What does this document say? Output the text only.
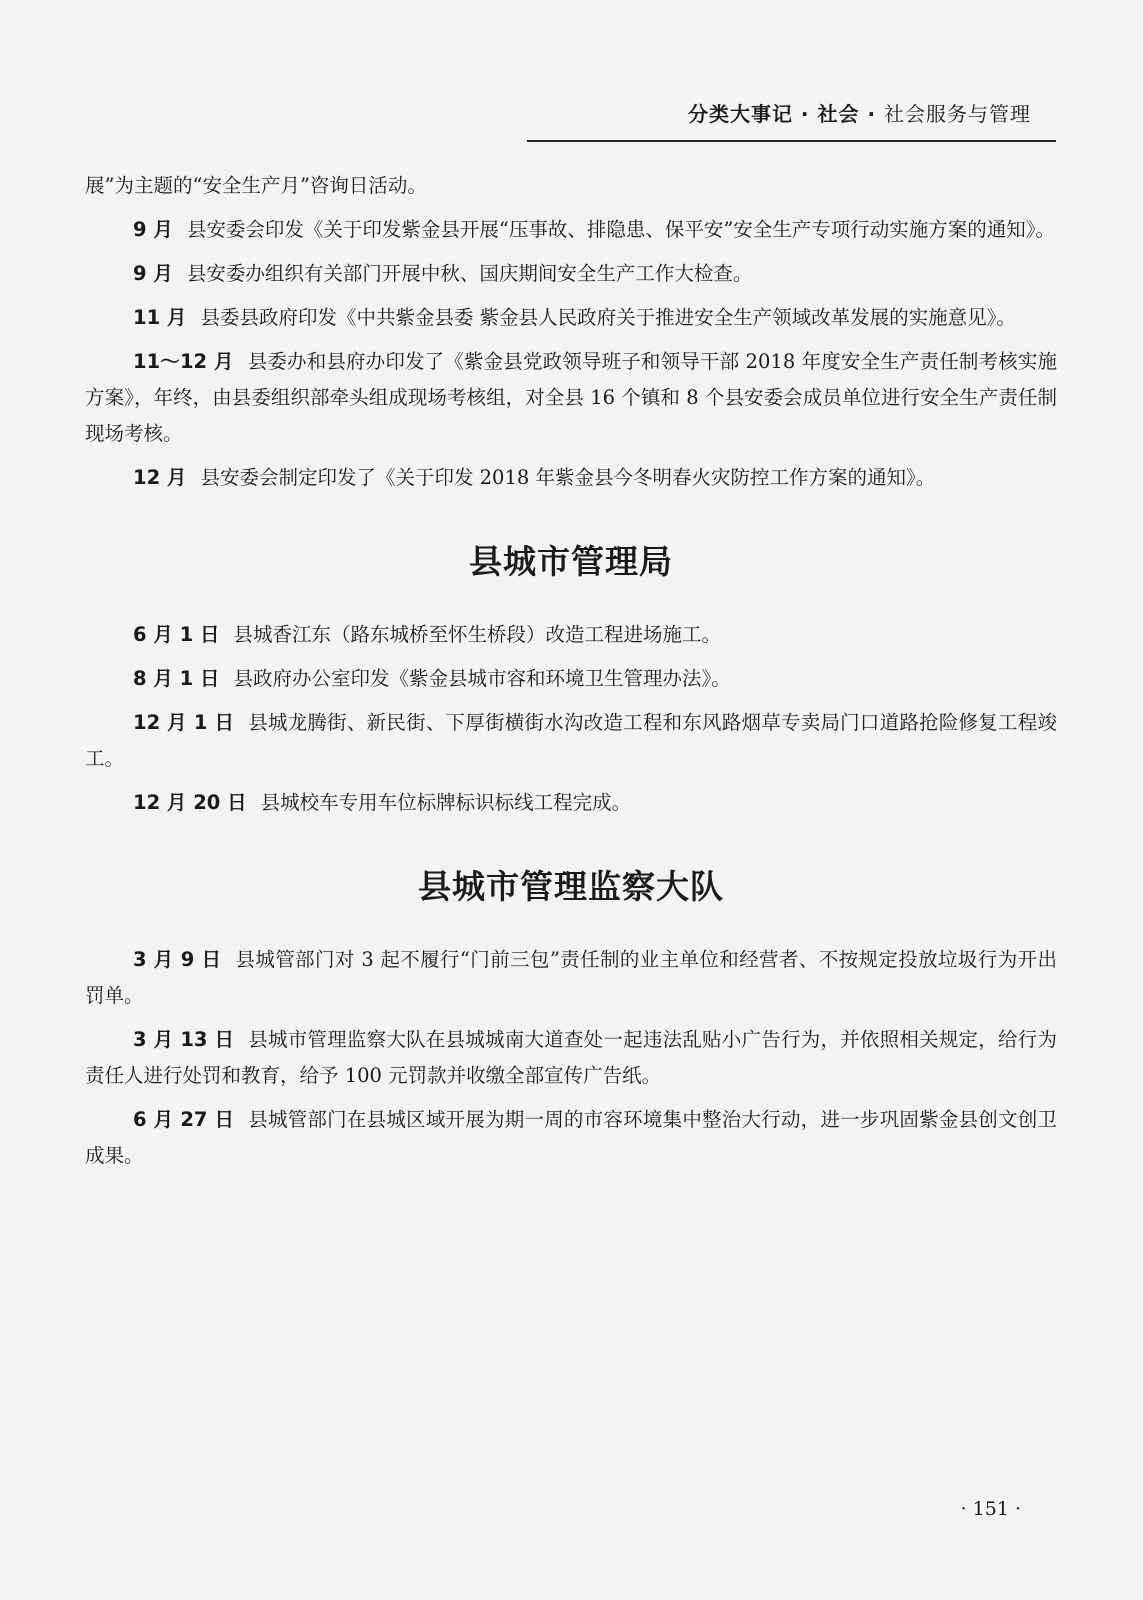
分类大事记 · 社会 · 社会服务与管理

展”为主题的“安全生产月”咨询日活动。

9 月 县安委会印发《关于印发紫金县开展“压事故、排隐患、保平安”安全生产专项行动实施方案的通知》。

9 月 县安委办组织有关部门开展中秋、国庆期间安全生产工作大检查。

11 月 县委县政府印发《中共紫金县委 紫金县人民政府关于推进安全生产领域改革发展的实施意见》。

11～12 月 县委办和县府办印发了《紫金县党政领导班子和领导干部 2018 年度安全生产责任制考核实施方案》，年终，由县委组织部牵头组成现场考核组，对全县 16 个镇和 8 个县安委会成员单位进行安全生产责任制现场考核。

12 月 县安委会制定印发了《关于印发 2018 年紫金县今冬明春火灾防控工作方案的通知》。

县城市管理局

6 月 1 日 县城香江东（路东城桥至怀生桥段）改造工程进场施工。

8 月 1 日 县政府办公室印发《紫金县城市容和环境卫生管理办法》。

12 月 1 日 县城龙腾街、新民街、下厚街横街水沟改造工程和东风路烟草专卖局门口道路抢险修复工程竣工。

12 月 20 日 县城校车专用车位标牌标识标线工程完成。

县城市管理监察大队

3 月 9 日 县城管部门对 3 起不履行“门前三包”责任制的业主单位和经营者、不按规定投放垃圾行为开出罚单。

3 月 13 日 县城市管理监察大队在县城城南大道查处一起违法乱贴小广告行为，并依照相关规定，给行为责任人进行处罚和教育，给予 100 元罚款并收缴全部宣传广告纸。

6 月 27 日 县城管部门在县城区域开展为期一周的市容环境集中整治大行动，进一步巩固紫金县创文创卫成果。

· 151 ·
